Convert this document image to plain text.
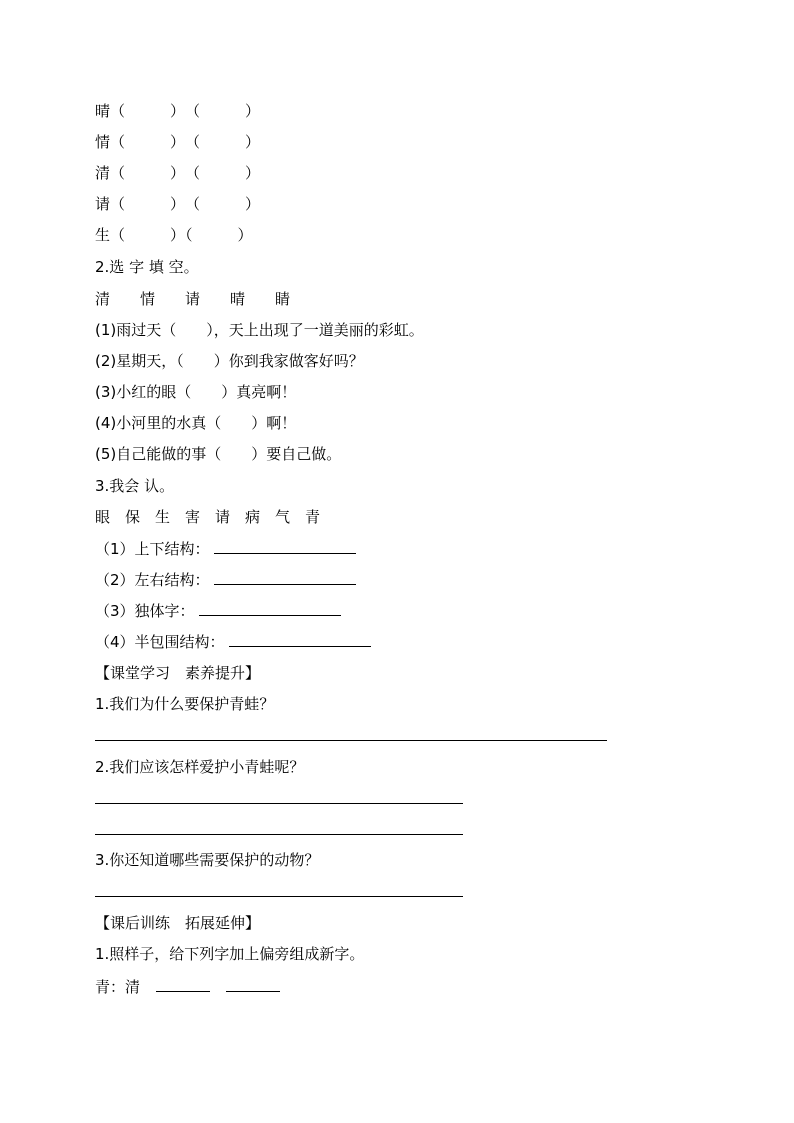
晴（　　　）　（　　　）
情（　　　）　（　　　）
清（　　　）　（　　　）
请（　　　）　（　　　）
生（　　　）（　　　）
2.选 字 填 空。
清　　情　　请　　晴　　睛
(1)雨过天（　　），天上出现了一道美丽的彩虹。
(2)星期天，（　　）你到我家做客好吗？
(3)小红的眼（　　）真亮啊！
(4)小河里的水真（　　）啊！
(5)自己能做的事（　　）要自己做。
3.我会 认。
眼　保　生　害　请　病　气　青
（1）上下结构：
（2）左右结构：
（3）独体字：
（4）半包围结构：
【课堂学习　素养提升】
1.我们为什么要保护青蛙？
2.我们应该怎样爱护小青蛙呢？
3.你还知道哪些需要保护的动物？
【课后训练　拓展延伸】
1.照样子，给下列字加上偏旁组成新字。
青：清
